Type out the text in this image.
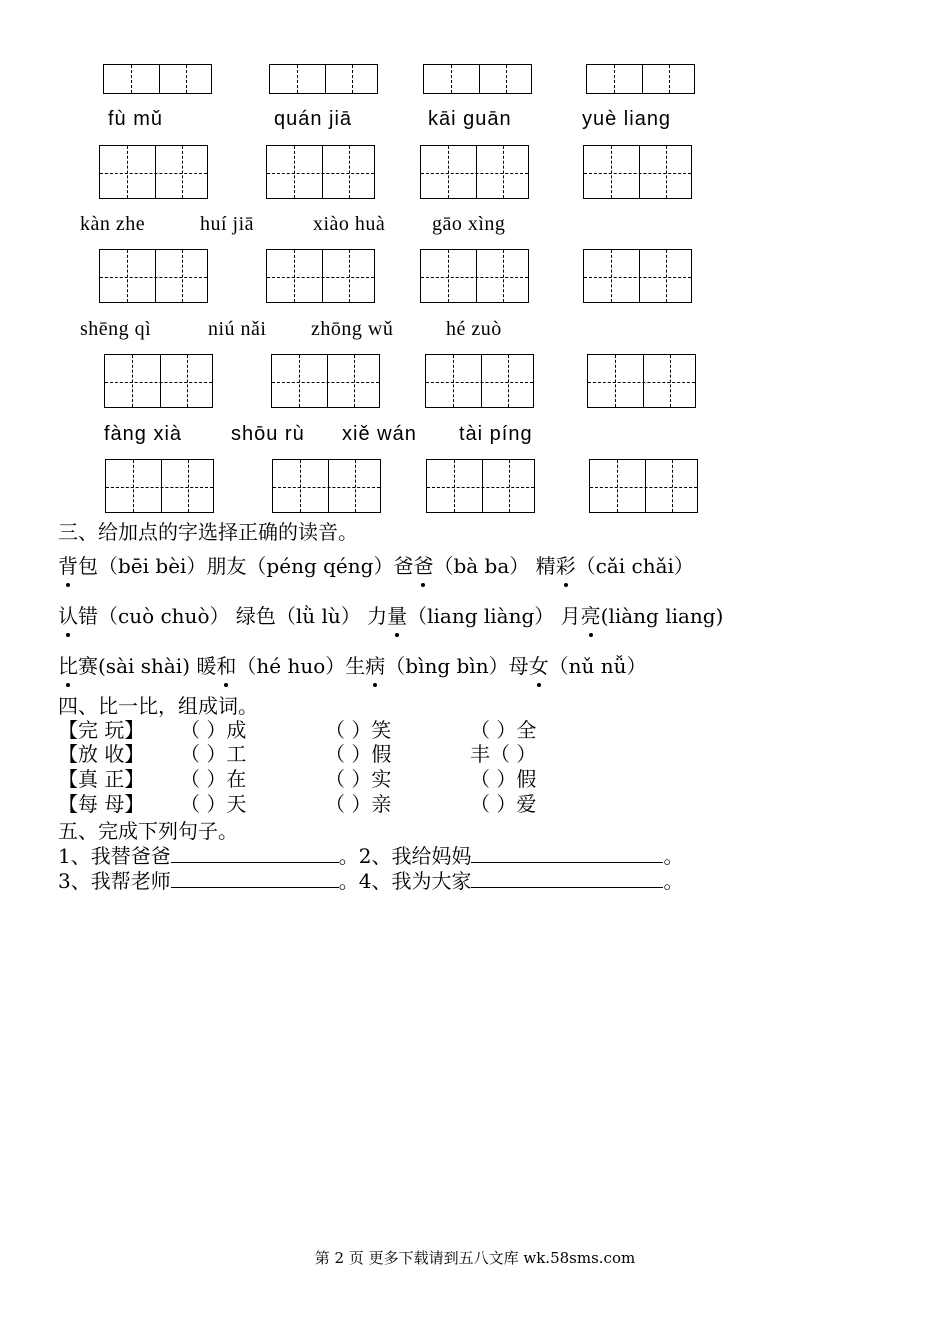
fù mǔ	quán jiā	kāi guān	yuè liang
kàn zhe	huí jiā	xiào huà gāo xìng
shēng qì	niú nǎi zhōng wǔ	hé zuò
fàng xià shōu rù xiě wán tài píng
三、给加点的字选择正确的读音。
背包（bēi bèi）朋友（péng qéng）爸爸（bà ba） 精彩（cǎi chǎi）
认错（cuò chuò） 绿色（lǜ lù） 力量（liang liàng） 月亮(liàng liang)
比赛(sài shài) 暖和（hé huo）生病（bìng bìn）母女（nǔ nǚ）
四、比一比，组成词。
【完 玩】 （ ）成	（ ）笑	（ ）全
【放 收】 （ ）工	（ ）假	丰（ ）
【真 正】 （ ）在	（ ）实	（ ）假
【每 母】 （ ）天	（ ）亲	（ ）爱
五、完成下列句子。
1、我替爸爸	。2、我给妈妈	。
3、我帮老师	。4、我为大家	。
第 2 页 更多下载请到五八文库 wk.58sms.com
